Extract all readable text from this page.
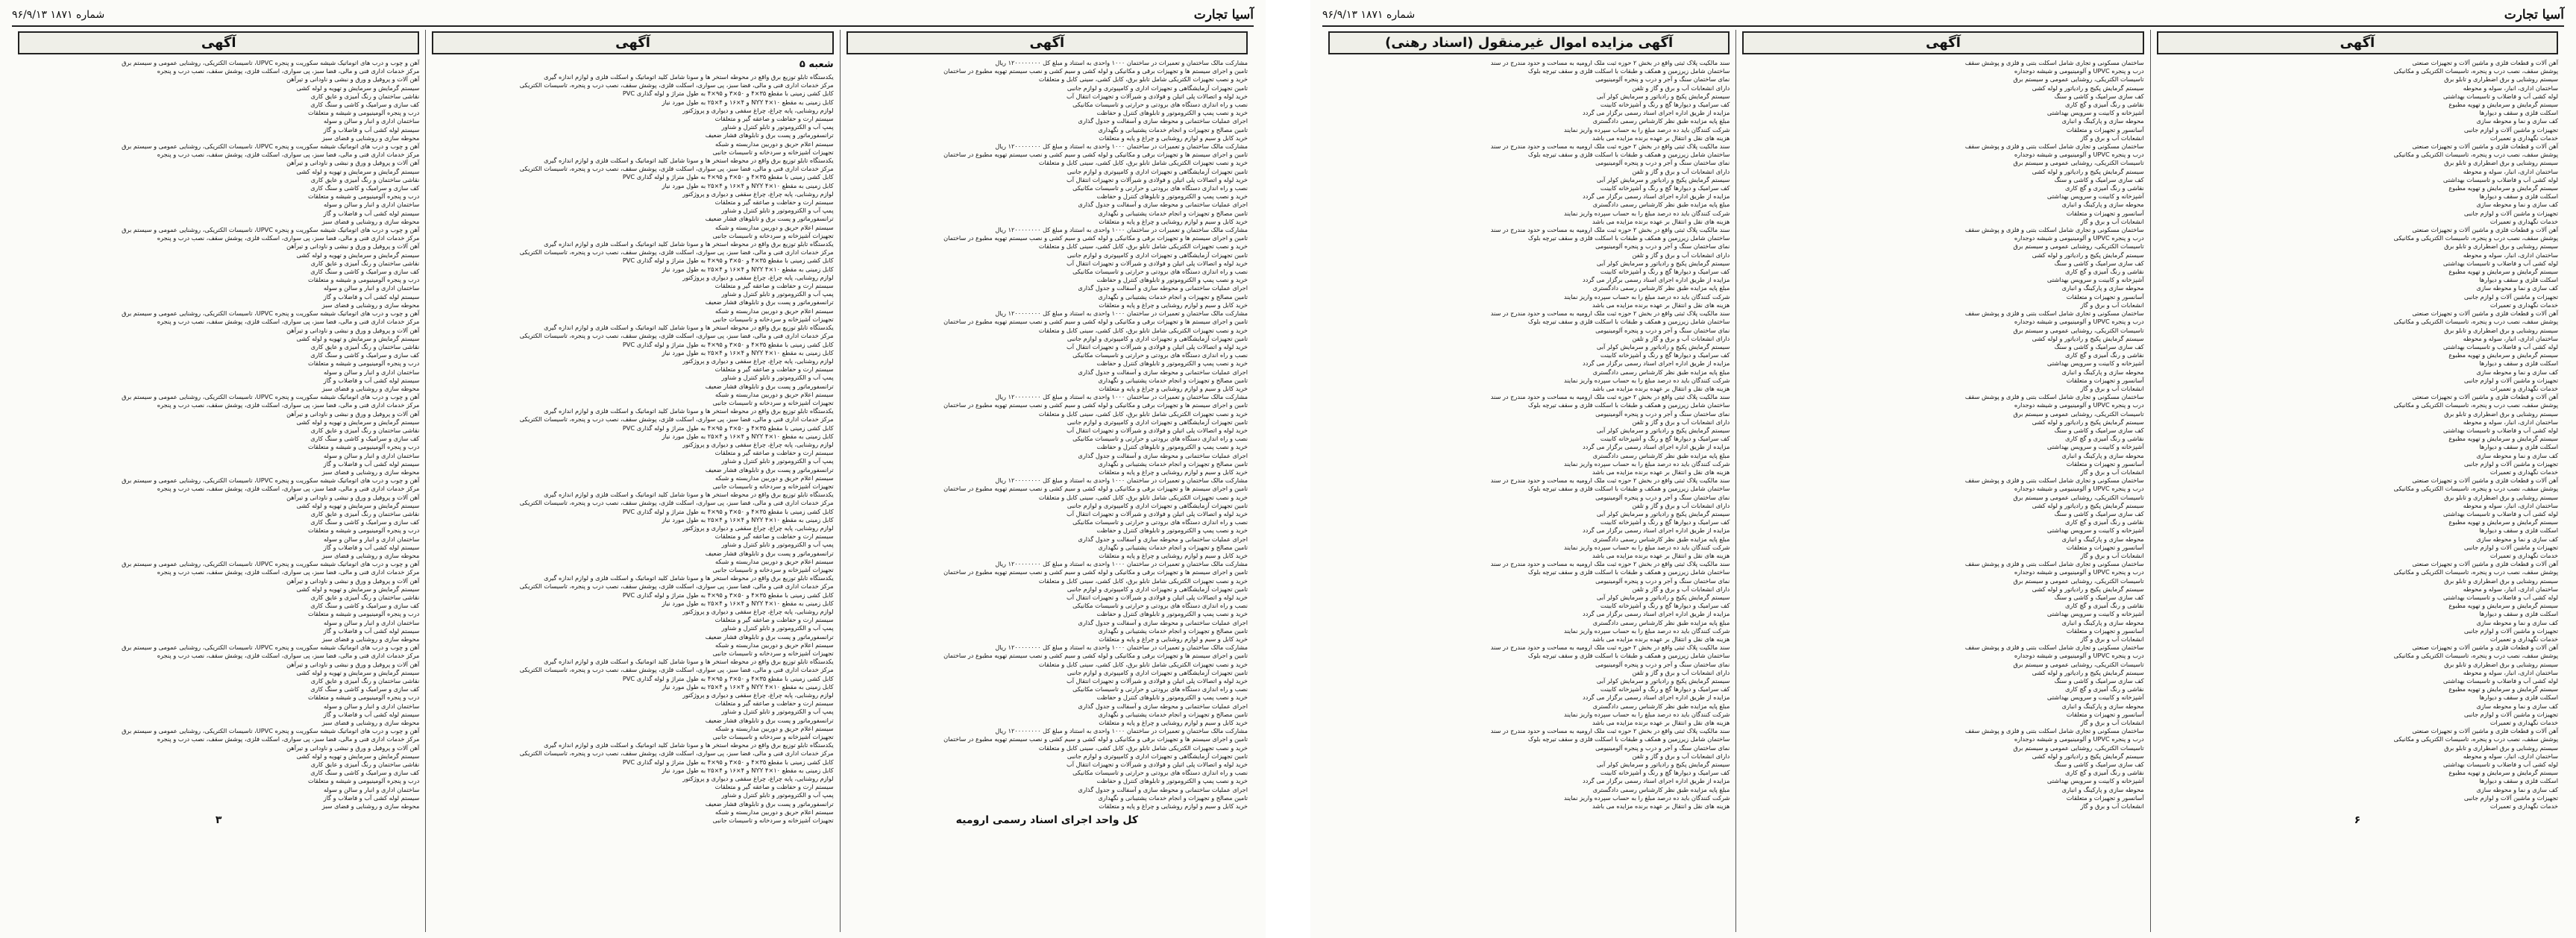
آسیا تجارت
شماره ۱۸۷۱ ۹۶/۹/۱۳
آگهی

مشارکت مالک ساختمان و تعمیرات در ساختمان ۱۰۰۰ واحدی به استناد و مبلغ کل ۱۲۰۰۰۰۰۰۰۰ ریال

تامین و اجرای سیستم ها و تجهیزات برقی و مکانیکی و لوله کشی و سیم کشی و نصب سیستم تهویه مطبوع در ساختمان

خرید و نصب تجهیزات الکتریکی شامل تابلو برق، کابل کشی، سینی کابل و متعلقات

تامین تجهیزات آزمایشگاهی و تجهیزات اداری و کامپیوتری و لوازم جانبی

خرید لوله و اتصالات پلی اتیلن و فولادی و شیرآلات و تجهیزات انتقال آب

نصب و راه اندازی دستگاه های برودتی و حرارتی و تاسیسات مکانیکی

خرید و نصب پمپ و الکتروموتور و تابلوهای کنترل و حفاظت

اجرای عملیات ساختمانی و محوطه سازی و آسفالت و جدول گذاری

تامین مصالح و تجهیزات و انجام خدمات پشتیبانی و نگهداری

خرید کابل و سیم و لوازم روشنایی و چراغ و پایه و متعلقات

مشارکت مالک ساختمان و تعمیرات در ساختمان ۱۰۰۰ واحدی به استناد و مبلغ کل ۱۲۰۰۰۰۰۰۰۰ ریال

تامین و اجرای سیستم ها و تجهیزات برقی و مکانیکی و لوله کشی و سیم کشی و نصب سیستم تهویه مطبوع در ساختمان

خرید و نصب تجهیزات الکتریکی شامل تابلو برق، کابل کشی، سینی کابل و متعلقات

تامین تجهیزات آزمایشگاهی و تجهیزات اداری و کامپیوتری و لوازم جانبی

خرید لوله و اتصالات پلی اتیلن و فولادی و شیرآلات و تجهیزات انتقال آب

نصب و راه اندازی دستگاه های برودتی و حرارتی و تاسیسات مکانیکی

خرید و نصب پمپ و الکتروموتور و تابلوهای کنترل و حفاظت

اجرای عملیات ساختمانی و محوطه سازی و آسفالت و جدول گذاری

تامین مصالح و تجهیزات و انجام خدمات پشتیبانی و نگهداری

خرید کابل و سیم و لوازم روشنایی و چراغ و پایه و متعلقات

مشارکت مالک ساختمان و تعمیرات در ساختمان ۱۰۰۰ واحدی به استناد و مبلغ کل ۱۲۰۰۰۰۰۰۰۰ ریال

تامین و اجرای سیستم ها و تجهیزات برقی و مکانیکی و لوله کشی و سیم کشی و نصب سیستم تهویه مطبوع در ساختمان

خرید و نصب تجهیزات الکتریکی شامل تابلو برق، کابل کشی، سینی کابل و متعلقات

تامین تجهیزات آزمایشگاهی و تجهیزات اداری و کامپیوتری و لوازم جانبی

خرید لوله و اتصالات پلی اتیلن و فولادی و شیرآلات و تجهیزات انتقال آب

نصب و راه اندازی دستگاه های برودتی و حرارتی و تاسیسات مکانیکی

خرید و نصب پمپ و الکتروموتور و تابلوهای کنترل و حفاظت

اجرای عملیات ساختمانی و محوطه سازی و آسفالت و جدول گذاری

تامین مصالح و تجهیزات و انجام خدمات پشتیبانی و نگهداری

خرید کابل و سیم و لوازم روشنایی و چراغ و پایه و متعلقات

مشارکت مالک ساختمان و تعمیرات در ساختمان ۱۰۰۰ واحدی به استناد و مبلغ کل ۱۲۰۰۰۰۰۰۰۰ ریال

تامین و اجرای سیستم ها و تجهیزات برقی و مکانیکی و لوله کشی و سیم کشی و نصب سیستم تهویه مطبوع در ساختمان

خرید و نصب تجهیزات الکتریکی شامل تابلو برق، کابل کشی، سینی کابل و متعلقات

تامین تجهیزات آزمایشگاهی و تجهیزات اداری و کامپیوتری و لوازم جانبی

خرید لوله و اتصالات پلی اتیلن و فولادی و شیرآلات و تجهیزات انتقال آب

نصب و راه اندازی دستگاه های برودتی و حرارتی و تاسیسات مکانیکی

خرید و نصب پمپ و الکتروموتور و تابلوهای کنترل و حفاظت

اجرای عملیات ساختمانی و محوطه سازی و آسفالت و جدول گذاری

تامین مصالح و تجهیزات و انجام خدمات پشتیبانی و نگهداری

خرید کابل و سیم و لوازم روشنایی و چراغ و پایه و متعلقات

مشارکت مالک ساختمان و تعمیرات در ساختمان ۱۰۰۰ واحدی به استناد و مبلغ کل ۱۲۰۰۰۰۰۰۰۰ ریال

تامین و اجرای سیستم ها و تجهیزات برقی و مکانیکی و لوله کشی و سیم کشی و نصب سیستم تهویه مطبوع در ساختمان

خرید و نصب تجهیزات الکتریکی شامل تابلو برق، کابل کشی، سینی کابل و متعلقات

تامین تجهیزات آزمایشگاهی و تجهیزات اداری و کامپیوتری و لوازم جانبی

خرید لوله و اتصالات پلی اتیلن و فولادی و شیرآلات و تجهیزات انتقال آب

نصب و راه اندازی دستگاه های برودتی و حرارتی و تاسیسات مکانیکی

خرید و نصب پمپ و الکتروموتور و تابلوهای کنترل و حفاظت

اجرای عملیات ساختمانی و محوطه سازی و آسفالت و جدول گذاری

تامین مصالح و تجهیزات و انجام خدمات پشتیبانی و نگهداری

خرید کابل و سیم و لوازم روشنایی و چراغ و پایه و متعلقات

مشارکت مالک ساختمان و تعمیرات در ساختمان ۱۰۰۰ واحدی به استناد و مبلغ کل ۱۲۰۰۰۰۰۰۰۰ ریال

تامین و اجرای سیستم ها و تجهیزات برقی و مکانیکی و لوله کشی و سیم کشی و نصب سیستم تهویه مطبوع در ساختمان

خرید و نصب تجهیزات الکتریکی شامل تابلو برق، کابل کشی، سینی کابل و متعلقات

تامین تجهیزات آزمایشگاهی و تجهیزات اداری و کامپیوتری و لوازم جانبی

خرید لوله و اتصالات پلی اتیلن و فولادی و شیرآلات و تجهیزات انتقال آب

نصب و راه اندازی دستگاه های برودتی و حرارتی و تاسیسات مکانیکی

خرید و نصب پمپ و الکتروموتور و تابلوهای کنترل و حفاظت

اجرای عملیات ساختمانی و محوطه سازی و آسفالت و جدول گذاری

تامین مصالح و تجهیزات و انجام خدمات پشتیبانی و نگهداری

خرید کابل و سیم و لوازم روشنایی و چراغ و پایه و متعلقات

مشارکت مالک ساختمان و تعمیرات در ساختمان ۱۰۰۰ واحدی به استناد و مبلغ کل ۱۲۰۰۰۰۰۰۰۰ ریال

تامین و اجرای سیستم ها و تجهیزات برقی و مکانیکی و لوله کشی و سیم کشی و نصب سیستم تهویه مطبوع در ساختمان

خرید و نصب تجهیزات الکتریکی شامل تابلو برق، کابل کشی، سینی کابل و متعلقات

تامین تجهیزات آزمایشگاهی و تجهیزات اداری و کامپیوتری و لوازم جانبی

خرید لوله و اتصالات پلی اتیلن و فولادی و شیرآلات و تجهیزات انتقال آب

نصب و راه اندازی دستگاه های برودتی و حرارتی و تاسیسات مکانیکی

خرید و نصب پمپ و الکتروموتور و تابلوهای کنترل و حفاظت

اجرای عملیات ساختمانی و محوطه سازی و آسفالت و جدول گذاری

تامین مصالح و تجهیزات و انجام خدمات پشتیبانی و نگهداری

خرید کابل و سیم و لوازم روشنایی و چراغ و پایه و متعلقات

مشارکت مالک ساختمان و تعمیرات در ساختمان ۱۰۰۰ واحدی به استناد و مبلغ کل ۱۲۰۰۰۰۰۰۰۰ ریال

تامین و اجرای سیستم ها و تجهیزات برقی و مکانیکی و لوله کشی و سیم کشی و نصب سیستم تهویه مطبوع در ساختمان

خرید و نصب تجهیزات الکتریکی شامل تابلو برق، کابل کشی، سینی کابل و متعلقات

تامین تجهیزات آزمایشگاهی و تجهیزات اداری و کامپیوتری و لوازم جانبی

خرید لوله و اتصالات پلی اتیلن و فولادی و شیرآلات و تجهیزات انتقال آب

نصب و راه اندازی دستگاه های برودتی و حرارتی و تاسیسات مکانیکی

خرید و نصب پمپ و الکتروموتور و تابلوهای کنترل و حفاظت

اجرای عملیات ساختمانی و محوطه سازی و آسفالت و جدول گذاری

تامین مصالح و تجهیزات و انجام خدمات پشتیبانی و نگهداری

خرید کابل و سیم و لوازم روشنایی و چراغ و پایه و متعلقات

مشارکت مالک ساختمان و تعمیرات در ساختمان ۱۰۰۰ واحدی به استناد و مبلغ کل ۱۲۰۰۰۰۰۰۰۰ ریال

تامین و اجرای سیستم ها و تجهیزات برقی و مکانیکی و لوله کشی و سیم کشی و نصب سیستم تهویه مطبوع در ساختمان

خرید و نصب تجهیزات الکتریکی شامل تابلو برق، کابل کشی، سینی کابل و متعلقات

تامین تجهیزات آزمایشگاهی و تجهیزات اداری و کامپیوتری و لوازم جانبی

خرید لوله و اتصالات پلی اتیلن و فولادی و شیرآلات و تجهیزات انتقال آب

نصب و راه اندازی دستگاه های برودتی و حرارتی و تاسیسات مکانیکی

خرید و نصب پمپ و الکتروموتور و تابلوهای کنترل و حفاظت

اجرای عملیات ساختمانی و محوطه سازی و آسفالت و جدول گذاری

تامین مصالح و تجهیزات و انجام خدمات پشتیبانی و نگهداری

خرید کابل و سیم و لوازم روشنایی و چراغ و پایه و متعلقات

کل واحد اجرای اسناد رسمی ارومیه
آگهی
شعبه ۵

یکدستگاه تابلو توزیع برق واقع در محوطه استخر ها و سونا شامل کلید اتوماتیک و اسکلت فلزی و لوازم اندازه گیری

مرکز خدمات اداری فنی و مالی، فضا سبز، پی سواری، اسکلت فلزی، پوشش سقف، نصب درب و پنجره، تاسیسات الکتریکی

کابل کشی زمینی با مقطع ۳۵×۴ و ۵۰×۳ و ۹۵×۴ به طول متراژ و لوله گذاری PVC

کابل زمینی به مقطع NYY ۴×۱۰ و ۴×۱۶ و ۴×۲۵ به طول مورد نیاز

لوازم روشنایی، پایه چراغ، چراغ سقفی و دیواری و پروژکتور

سیستم ارت و حفاظت و صاعقه گیر و متعلقات

پمپ آب و الکتروموتور و تابلو کنترل و شناور

ترانسفورماتور و پست برق و تابلوهای فشار ضعیف

سیستم اعلام حریق و دوربین مداربسته و شبکه

تجهیزات آشپزخانه و سردخانه و تاسیسات جانبی

یکدستگاه تابلو توزیع برق واقع در محوطه استخر ها و سونا شامل کلید اتوماتیک و اسکلت فلزی و لوازم اندازه گیری

مرکز خدمات اداری فنی و مالی، فضا سبز، پی سواری، اسکلت فلزی، پوشش سقف، نصب درب و پنجره، تاسیسات الکتریکی

کابل کشی زمینی با مقطع ۳۵×۴ و ۵۰×۳ و ۹۵×۴ به طول متراژ و لوله گذاری PVC

کابل زمینی به مقطع NYY ۴×۱۰ و ۴×۱۶ و ۴×۲۵ به طول مورد نیاز

لوازم روشنایی، پایه چراغ، چراغ سقفی و دیواری و پروژکتور

سیستم ارت و حفاظت و صاعقه گیر و متعلقات

پمپ آب و الکتروموتور و تابلو کنترل و شناور

ترانسفورماتور و پست برق و تابلوهای فشار ضعیف

سیستم اعلام حریق و دوربین مداربسته و شبکه

تجهیزات آشپزخانه و سردخانه و تاسیسات جانبی

یکدستگاه تابلو توزیع برق واقع در محوطه استخر ها و سونا شامل کلید اتوماتیک و اسکلت فلزی و لوازم اندازه گیری

مرکز خدمات اداری فنی و مالی، فضا سبز، پی سواری، اسکلت فلزی، پوشش سقف، نصب درب و پنجره، تاسیسات الکتریکی

کابل کشی زمینی با مقطع ۳۵×۴ و ۵۰×۳ و ۹۵×۴ به طول متراژ و لوله گذاری PVC

کابل زمینی به مقطع NYY ۴×۱۰ و ۴×۱۶ و ۴×۲۵ به طول مورد نیاز

لوازم روشنایی، پایه چراغ، چراغ سقفی و دیواری و پروژکتور

سیستم ارت و حفاظت و صاعقه گیر و متعلقات

پمپ آب و الکتروموتور و تابلو کنترل و شناور

ترانسفورماتور و پست برق و تابلوهای فشار ضعیف

سیستم اعلام حریق و دوربین مداربسته و شبکه

تجهیزات آشپزخانه و سردخانه و تاسیسات جانبی

یکدستگاه تابلو توزیع برق واقع در محوطه استخر ها و سونا شامل کلید اتوماتیک و اسکلت فلزی و لوازم اندازه گیری

مرکز خدمات اداری فنی و مالی، فضا سبز، پی سواری، اسکلت فلزی، پوشش سقف، نصب درب و پنجره، تاسیسات الکتریکی

کابل کشی زمینی با مقطع ۳۵×۴ و ۵۰×۳ و ۹۵×۴ به طول متراژ و لوله گذاری PVC

کابل زمینی به مقطع NYY ۴×۱۰ و ۴×۱۶ و ۴×۲۵ به طول مورد نیاز

لوازم روشنایی، پایه چراغ، چراغ سقفی و دیواری و پروژکتور

سیستم ارت و حفاظت و صاعقه گیر و متعلقات

پمپ آب و الکتروموتور و تابلو کنترل و شناور

ترانسفورماتور و پست برق و تابلوهای فشار ضعیف

سیستم اعلام حریق و دوربین مداربسته و شبکه

تجهیزات آشپزخانه و سردخانه و تاسیسات جانبی

یکدستگاه تابلو توزیع برق واقع در محوطه استخر ها و سونا شامل کلید اتوماتیک و اسکلت فلزی و لوازم اندازه گیری

مرکز خدمات اداری فنی و مالی، فضا سبز، پی سواری، اسکلت فلزی، پوشش سقف، نصب درب و پنجره، تاسیسات الکتریکی

کابل کشی زمینی با مقطع ۳۵×۴ و ۵۰×۳ و ۹۵×۴ به طول متراژ و لوله گذاری PVC

کابل زمینی به مقطع NYY ۴×۱۰ و ۴×۱۶ و ۴×۲۵ به طول مورد نیاز

لوازم روشنایی، پایه چراغ، چراغ سقفی و دیواری و پروژکتور

سیستم ارت و حفاظت و صاعقه گیر و متعلقات

پمپ آب و الکتروموتور و تابلو کنترل و شناور

ترانسفورماتور و پست برق و تابلوهای فشار ضعیف

سیستم اعلام حریق و دوربین مداربسته و شبکه

تجهیزات آشپزخانه و سردخانه و تاسیسات جانبی

یکدستگاه تابلو توزیع برق واقع در محوطه استخر ها و سونا شامل کلید اتوماتیک و اسکلت فلزی و لوازم اندازه گیری

مرکز خدمات اداری فنی و مالی، فضا سبز، پی سواری، اسکلت فلزی، پوشش سقف، نصب درب و پنجره، تاسیسات الکتریکی

کابل کشی زمینی با مقطع ۳۵×۴ و ۵۰×۳ و ۹۵×۴ به طول متراژ و لوله گذاری PVC

کابل زمینی به مقطع NYY ۴×۱۰ و ۴×۱۶ و ۴×۲۵ به طول مورد نیاز

لوازم روشنایی، پایه چراغ، چراغ سقفی و دیواری و پروژکتور

سیستم ارت و حفاظت و صاعقه گیر و متعلقات

پمپ آب و الکتروموتور و تابلو کنترل و شناور

ترانسفورماتور و پست برق و تابلوهای فشار ضعیف

سیستم اعلام حریق و دوربین مداربسته و شبکه

تجهیزات آشپزخانه و سردخانه و تاسیسات جانبی

یکدستگاه تابلو توزیع برق واقع در محوطه استخر ها و سونا شامل کلید اتوماتیک و اسکلت فلزی و لوازم اندازه گیری

مرکز خدمات اداری فنی و مالی، فضا سبز، پی سواری، اسکلت فلزی، پوشش سقف، نصب درب و پنجره، تاسیسات الکتریکی

کابل کشی زمینی با مقطع ۳۵×۴ و ۵۰×۳ و ۹۵×۴ به طول متراژ و لوله گذاری PVC

کابل زمینی به مقطع NYY ۴×۱۰ و ۴×۱۶ و ۴×۲۵ به طول مورد نیاز

لوازم روشنایی، پایه چراغ، چراغ سقفی و دیواری و پروژکتور

سیستم ارت و حفاظت و صاعقه گیر و متعلقات

پمپ آب و الکتروموتور و تابلو کنترل و شناور

ترانسفورماتور و پست برق و تابلوهای فشار ضعیف

سیستم اعلام حریق و دوربین مداربسته و شبکه

تجهیزات آشپزخانه و سردخانه و تاسیسات جانبی

یکدستگاه تابلو توزیع برق واقع در محوطه استخر ها و سونا شامل کلید اتوماتیک و اسکلت فلزی و لوازم اندازه گیری

مرکز خدمات اداری فنی و مالی، فضا سبز، پی سواری، اسکلت فلزی، پوشش سقف، نصب درب و پنجره، تاسیسات الکتریکی

کابل کشی زمینی با مقطع ۳۵×۴ و ۵۰×۳ و ۹۵×۴ به طول متراژ و لوله گذاری PVC

کابل زمینی به مقطع NYY ۴×۱۰ و ۴×۱۶ و ۴×۲۵ به طول مورد نیاز

لوازم روشنایی، پایه چراغ، چراغ سقفی و دیواری و پروژکتور

سیستم ارت و حفاظت و صاعقه گیر و متعلقات

پمپ آب و الکتروموتور و تابلو کنترل و شناور

ترانسفورماتور و پست برق و تابلوهای فشار ضعیف

سیستم اعلام حریق و دوربین مداربسته و شبکه

تجهیزات آشپزخانه و سردخانه و تاسیسات جانبی

یکدستگاه تابلو توزیع برق واقع در محوطه استخر ها و سونا شامل کلید اتوماتیک و اسکلت فلزی و لوازم اندازه گیری

مرکز خدمات اداری فنی و مالی، فضا سبز، پی سواری، اسکلت فلزی، پوشش سقف، نصب درب و پنجره، تاسیسات الکتریکی

کابل کشی زمینی با مقطع ۳۵×۴ و ۵۰×۳ و ۹۵×۴ به طول متراژ و لوله گذاری PVC

کابل زمینی به مقطع NYY ۴×۱۰ و ۴×۱۶ و ۴×۲۵ به طول مورد نیاز

لوازم روشنایی، پایه چراغ، چراغ سقفی و دیواری و پروژکتور

سیستم ارت و حفاظت و صاعقه گیر و متعلقات

پمپ آب و الکتروموتور و تابلو کنترل و شناور

ترانسفورماتور و پست برق و تابلوهای فشار ضعیف

سیستم اعلام حریق و دوربین مداربسته و شبکه

تجهیزات آشپزخانه و سردخانه و تاسیسات جانبی

آگهی

آهن و چوب و درب های اتوماتیک شیشه سکوریت و پنجره UPVC، تاسیسات الکتریکی، روشنایی عمومی و سیستم برق

مرکز خدمات اداری فنی و مالی، فضا سبز، پی سواری، اسکلت فلزی، پوشش سقف، نصب درب و پنجره

آهن آلات و پروفیل و ورق و نبشی و ناودانی و تیرآهن

سیستم گرمایش و سرمایش و تهویه و لوله کشی

نقاشی ساختمان و رنگ آمیزی و عایق کاری

کف سازی و سرامیک و کاشی و سنگ کاری

درب و پنجره آلومینیومی و شیشه و متعلقات

ساختمان اداری و انبار و سالن و سوله

سیستم لوله کشی آب و فاضلاب و گاز

محوطه سازی و روشنایی و فضای سبز

آهن و چوب و درب های اتوماتیک شیشه سکوریت و پنجره UPVC، تاسیسات الکتریکی، روشنایی عمومی و سیستم برق

مرکز خدمات اداری فنی و مالی، فضا سبز، پی سواری، اسکلت فلزی، پوشش سقف، نصب درب و پنجره

آهن آلات و پروفیل و ورق و نبشی و ناودانی و تیرآهن

سیستم گرمایش و سرمایش و تهویه و لوله کشی

نقاشی ساختمان و رنگ آمیزی و عایق کاری

کف سازی و سرامیک و کاشی و سنگ کاری

درب و پنجره آلومینیومی و شیشه و متعلقات

ساختمان اداری و انبار و سالن و سوله

سیستم لوله کشی آب و فاضلاب و گاز

محوطه سازی و روشنایی و فضای سبز

آهن و چوب و درب های اتوماتیک شیشه سکوریت و پنجره UPVC، تاسیسات الکتریکی، روشنایی عمومی و سیستم برق

مرکز خدمات اداری فنی و مالی، فضا سبز، پی سواری، اسکلت فلزی، پوشش سقف، نصب درب و پنجره

آهن آلات و پروفیل و ورق و نبشی و ناودانی و تیرآهن

سیستم گرمایش و سرمایش و تهویه و لوله کشی

نقاشی ساختمان و رنگ آمیزی و عایق کاری

کف سازی و سرامیک و کاشی و سنگ کاری

درب و پنجره آلومینیومی و شیشه و متعلقات

ساختمان اداری و انبار و سالن و سوله

سیستم لوله کشی آب و فاضلاب و گاز

محوطه سازی و روشنایی و فضای سبز

آهن و چوب و درب های اتوماتیک شیشه سکوریت و پنجره UPVC، تاسیسات الکتریکی، روشنایی عمومی و سیستم برق

مرکز خدمات اداری فنی و مالی، فضا سبز، پی سواری، اسکلت فلزی، پوشش سقف، نصب درب و پنجره

آهن آلات و پروفیل و ورق و نبشی و ناودانی و تیرآهن

سیستم گرمایش و سرمایش و تهویه و لوله کشی

نقاشی ساختمان و رنگ آمیزی و عایق کاری

کف سازی و سرامیک و کاشی و سنگ کاری

درب و پنجره آلومینیومی و شیشه و متعلقات

ساختمان اداری و انبار و سالن و سوله

سیستم لوله کشی آب و فاضلاب و گاز

محوطه سازی و روشنایی و فضای سبز

آهن و چوب و درب های اتوماتیک شیشه سکوریت و پنجره UPVC، تاسیسات الکتریکی، روشنایی عمومی و سیستم برق

مرکز خدمات اداری فنی و مالی، فضا سبز، پی سواری، اسکلت فلزی، پوشش سقف، نصب درب و پنجره

آهن آلات و پروفیل و ورق و نبشی و ناودانی و تیرآهن

سیستم گرمایش و سرمایش و تهویه و لوله کشی

نقاشی ساختمان و رنگ آمیزی و عایق کاری

کف سازی و سرامیک و کاشی و سنگ کاری

درب و پنجره آلومینیومی و شیشه و متعلقات

ساختمان اداری و انبار و سالن و سوله

سیستم لوله کشی آب و فاضلاب و گاز

محوطه سازی و روشنایی و فضای سبز

آهن و چوب و درب های اتوماتیک شیشه سکوریت و پنجره UPVC، تاسیسات الکتریکی، روشنایی عمومی و سیستم برق

مرکز خدمات اداری فنی و مالی، فضا سبز، پی سواری، اسکلت فلزی، پوشش سقف، نصب درب و پنجره

آهن آلات و پروفیل و ورق و نبشی و ناودانی و تیرآهن

سیستم گرمایش و سرمایش و تهویه و لوله کشی

نقاشی ساختمان و رنگ آمیزی و عایق کاری

کف سازی و سرامیک و کاشی و سنگ کاری

درب و پنجره آلومینیومی و شیشه و متعلقات

ساختمان اداری و انبار و سالن و سوله

سیستم لوله کشی آب و فاضلاب و گاز

محوطه سازی و روشنایی و فضای سبز

آهن و چوب و درب های اتوماتیک شیشه سکوریت و پنجره UPVC، تاسیسات الکتریکی، روشنایی عمومی و سیستم برق

مرکز خدمات اداری فنی و مالی، فضا سبز، پی سواری، اسکلت فلزی، پوشش سقف، نصب درب و پنجره

آهن آلات و پروفیل و ورق و نبشی و ناودانی و تیرآهن

سیستم گرمایش و سرمایش و تهویه و لوله کشی

نقاشی ساختمان و رنگ آمیزی و عایق کاری

کف سازی و سرامیک و کاشی و سنگ کاری

درب و پنجره آلومینیومی و شیشه و متعلقات

ساختمان اداری و انبار و سالن و سوله

سیستم لوله کشی آب و فاضلاب و گاز

محوطه سازی و روشنایی و فضای سبز

آهن و چوب و درب های اتوماتیک شیشه سکوریت و پنجره UPVC، تاسیسات الکتریکی، روشنایی عمومی و سیستم برق

مرکز خدمات اداری فنی و مالی، فضا سبز، پی سواری، اسکلت فلزی، پوشش سقف، نصب درب و پنجره

آهن آلات و پروفیل و ورق و نبشی و ناودانی و تیرآهن

سیستم گرمایش و سرمایش و تهویه و لوله کشی

نقاشی ساختمان و رنگ آمیزی و عایق کاری

کف سازی و سرامیک و کاشی و سنگ کاری

درب و پنجره آلومینیومی و شیشه و متعلقات

ساختمان اداری و انبار و سالن و سوله

سیستم لوله کشی آب و فاضلاب و گاز

محوطه سازی و روشنایی و فضای سبز

آهن و چوب و درب های اتوماتیک شیشه سکوریت و پنجره UPVC، تاسیسات الکتریکی، روشنایی عمومی و سیستم برق

مرکز خدمات اداری فنی و مالی، فضا سبز، پی سواری، اسکلت فلزی، پوشش سقف، نصب درب و پنجره

آهن آلات و پروفیل و ورق و نبشی و ناودانی و تیرآهن

سیستم گرمایش و سرمایش و تهویه و لوله کشی

نقاشی ساختمان و رنگ آمیزی و عایق کاری

کف سازی و سرامیک و کاشی و سنگ کاری

درب و پنجره آلومینیومی و شیشه و متعلقات

ساختمان اداری و انبار و سالن و سوله

سیستم لوله کشی آب و فاضلاب و گاز

محوطه سازی و روشنایی و فضای سبز

۳
آسیا تجارت
شماره ۱۸۷۱ ۹۶/۹/۱۳
آگهی

آهن آلات و قطعات فلزی و ماشین آلات و تجهیزات صنعتی

پوشش سقف، نصب درب و پنجره، تاسیسات الکتریکی و مکانیکی

سیستم روشنایی و برق اضطراری و تابلو برق

ساختمان اداری، انبار، سوله و محوطه

لوله کشی آب و فاضلاب و تاسیسات بهداشتی

سیستم گرمایش و سرمایش و تهویه مطبوع

اسکلت فلزی و سقف و دیوارها

کف سازی و نما و محوطه سازی

تجهیزات و ماشین آلات و لوازم جانبی

خدمات نگهداری و تعمیرات

آهن آلات و قطعات فلزی و ماشین آلات و تجهیزات صنعتی

پوشش سقف، نصب درب و پنجره، تاسیسات الکتریکی و مکانیکی

سیستم روشنایی و برق اضطراری و تابلو برق

ساختمان اداری، انبار، سوله و محوطه

لوله کشی آب و فاضلاب و تاسیسات بهداشتی

سیستم گرمایش و سرمایش و تهویه مطبوع

اسکلت فلزی و سقف و دیوارها

کف سازی و نما و محوطه سازی

تجهیزات و ماشین آلات و لوازم جانبی

خدمات نگهداری و تعمیرات

آهن آلات و قطعات فلزی و ماشین آلات و تجهیزات صنعتی

پوشش سقف، نصب درب و پنجره، تاسیسات الکتریکی و مکانیکی

سیستم روشنایی و برق اضطراری و تابلو برق

ساختمان اداری، انبار، سوله و محوطه

لوله کشی آب و فاضلاب و تاسیسات بهداشتی

سیستم گرمایش و سرمایش و تهویه مطبوع

اسکلت فلزی و سقف و دیوارها

کف سازی و نما و محوطه سازی

تجهیزات و ماشین آلات و لوازم جانبی

خدمات نگهداری و تعمیرات

آهن آلات و قطعات فلزی و ماشین آلات و تجهیزات صنعتی

پوشش سقف، نصب درب و پنجره، تاسیسات الکتریکی و مکانیکی

سیستم روشنایی و برق اضطراری و تابلو برق

ساختمان اداری، انبار، سوله و محوطه

لوله کشی آب و فاضلاب و تاسیسات بهداشتی

سیستم گرمایش و سرمایش و تهویه مطبوع

اسکلت فلزی و سقف و دیوارها

کف سازی و نما و محوطه سازی

تجهیزات و ماشین آلات و لوازم جانبی

خدمات نگهداری و تعمیرات

آهن آلات و قطعات فلزی و ماشین آلات و تجهیزات صنعتی

پوشش سقف، نصب درب و پنجره، تاسیسات الکتریکی و مکانیکی

سیستم روشنایی و برق اضطراری و تابلو برق

ساختمان اداری، انبار، سوله و محوطه

لوله کشی آب و فاضلاب و تاسیسات بهداشتی

سیستم گرمایش و سرمایش و تهویه مطبوع

اسکلت فلزی و سقف و دیوارها

کف سازی و نما و محوطه سازی

تجهیزات و ماشین آلات و لوازم جانبی

خدمات نگهداری و تعمیرات

آهن آلات و قطعات فلزی و ماشین آلات و تجهیزات صنعتی

پوشش سقف، نصب درب و پنجره، تاسیسات الکتریکی و مکانیکی

سیستم روشنایی و برق اضطراری و تابلو برق

ساختمان اداری، انبار، سوله و محوطه

لوله کشی آب و فاضلاب و تاسیسات بهداشتی

سیستم گرمایش و سرمایش و تهویه مطبوع

اسکلت فلزی و سقف و دیوارها

کف سازی و نما و محوطه سازی

تجهیزات و ماشین آلات و لوازم جانبی

خدمات نگهداری و تعمیرات

آهن آلات و قطعات فلزی و ماشین آلات و تجهیزات صنعتی

پوشش سقف، نصب درب و پنجره، تاسیسات الکتریکی و مکانیکی

سیستم روشنایی و برق اضطراری و تابلو برق

ساختمان اداری، انبار، سوله و محوطه

لوله کشی آب و فاضلاب و تاسیسات بهداشتی

سیستم گرمایش و سرمایش و تهویه مطبوع

اسکلت فلزی و سقف و دیوارها

کف سازی و نما و محوطه سازی

تجهیزات و ماشین آلات و لوازم جانبی

خدمات نگهداری و تعمیرات

آهن آلات و قطعات فلزی و ماشین آلات و تجهیزات صنعتی

پوشش سقف، نصب درب و پنجره، تاسیسات الکتریکی و مکانیکی

سیستم روشنایی و برق اضطراری و تابلو برق

ساختمان اداری، انبار، سوله و محوطه

لوله کشی آب و فاضلاب و تاسیسات بهداشتی

سیستم گرمایش و سرمایش و تهویه مطبوع

اسکلت فلزی و سقف و دیوارها

کف سازی و نما و محوطه سازی

تجهیزات و ماشین آلات و لوازم جانبی

خدمات نگهداری و تعمیرات

آهن آلات و قطعات فلزی و ماشین آلات و تجهیزات صنعتی

پوشش سقف، نصب درب و پنجره، تاسیسات الکتریکی و مکانیکی

سیستم روشنایی و برق اضطراری و تابلو برق

ساختمان اداری، انبار، سوله و محوطه

لوله کشی آب و فاضلاب و تاسیسات بهداشتی

سیستم گرمایش و سرمایش و تهویه مطبوع

اسکلت فلزی و سقف و دیوارها

کف سازی و نما و محوطه سازی

تجهیزات و ماشین آلات و لوازم جانبی

خدمات نگهداری و تعمیرات

۶
آگهی

ساختمان مسکونی و تجاری شامل اسکلت بتنی و فلزی و پوشش سقف

درب و پنجره UPVC و آلومینیومی و شیشه دوجداره

تاسیسات الکتریکی، روشنایی عمومی و سیستم برق

سیستم گرمایش پکیج و رادیاتور و لوله کشی

کف سازی سرامیک و کاشی و سنگ

نقاشی و رنگ آمیزی و گچ کاری

آشپزخانه و کابینت و سرویس بهداشتی

محوطه سازی و پارکینگ و انباری

آسانسور و تجهیزات و متعلقات

انشعابات آب و برق و گاز

ساختمان مسکونی و تجاری شامل اسکلت بتنی و فلزی و پوشش سقف

درب و پنجره UPVC و آلومینیومی و شیشه دوجداره

تاسیسات الکتریکی، روشنایی عمومی و سیستم برق

سیستم گرمایش پکیج و رادیاتور و لوله کشی

کف سازی سرامیک و کاشی و سنگ

نقاشی و رنگ آمیزی و گچ کاری

آشپزخانه و کابینت و سرویس بهداشتی

محوطه سازی و پارکینگ و انباری

آسانسور و تجهیزات و متعلقات

انشعابات آب و برق و گاز

ساختمان مسکونی و تجاری شامل اسکلت بتنی و فلزی و پوشش سقف

درب و پنجره UPVC و آلومینیومی و شیشه دوجداره

تاسیسات الکتریکی، روشنایی عمومی و سیستم برق

سیستم گرمایش پکیج و رادیاتور و لوله کشی

کف سازی سرامیک و کاشی و سنگ

نقاشی و رنگ آمیزی و گچ کاری

آشپزخانه و کابینت و سرویس بهداشتی

محوطه سازی و پارکینگ و انباری

آسانسور و تجهیزات و متعلقات

انشعابات آب و برق و گاز

ساختمان مسکونی و تجاری شامل اسکلت بتنی و فلزی و پوشش سقف

درب و پنجره UPVC و آلومینیومی و شیشه دوجداره

تاسیسات الکتریکی، روشنایی عمومی و سیستم برق

سیستم گرمایش پکیج و رادیاتور و لوله کشی

کف سازی سرامیک و کاشی و سنگ

نقاشی و رنگ آمیزی و گچ کاری

آشپزخانه و کابینت و سرویس بهداشتی

محوطه سازی و پارکینگ و انباری

آسانسور و تجهیزات و متعلقات

انشعابات آب و برق و گاز

ساختمان مسکونی و تجاری شامل اسکلت بتنی و فلزی و پوشش سقف

درب و پنجره UPVC و آلومینیومی و شیشه دوجداره

تاسیسات الکتریکی، روشنایی عمومی و سیستم برق

سیستم گرمایش پکیج و رادیاتور و لوله کشی

کف سازی سرامیک و کاشی و سنگ

نقاشی و رنگ آمیزی و گچ کاری

آشپزخانه و کابینت و سرویس بهداشتی

محوطه سازی و پارکینگ و انباری

آسانسور و تجهیزات و متعلقات

انشعابات آب و برق و گاز

ساختمان مسکونی و تجاری شامل اسکلت بتنی و فلزی و پوشش سقف

درب و پنجره UPVC و آلومینیومی و شیشه دوجداره

تاسیسات الکتریکی، روشنایی عمومی و سیستم برق

سیستم گرمایش پکیج و رادیاتور و لوله کشی

کف سازی سرامیک و کاشی و سنگ

نقاشی و رنگ آمیزی و گچ کاری

آشپزخانه و کابینت و سرویس بهداشتی

محوطه سازی و پارکینگ و انباری

آسانسور و تجهیزات و متعلقات

انشعابات آب و برق و گاز

ساختمان مسکونی و تجاری شامل اسکلت بتنی و فلزی و پوشش سقف

درب و پنجره UPVC و آلومینیومی و شیشه دوجداره

تاسیسات الکتریکی، روشنایی عمومی و سیستم برق

سیستم گرمایش پکیج و رادیاتور و لوله کشی

کف سازی سرامیک و کاشی و سنگ

نقاشی و رنگ آمیزی و گچ کاری

آشپزخانه و کابینت و سرویس بهداشتی

محوطه سازی و پارکینگ و انباری

آسانسور و تجهیزات و متعلقات

انشعابات آب و برق و گاز

ساختمان مسکونی و تجاری شامل اسکلت بتنی و فلزی و پوشش سقف

درب و پنجره UPVC و آلومینیومی و شیشه دوجداره

تاسیسات الکتریکی، روشنایی عمومی و سیستم برق

سیستم گرمایش پکیج و رادیاتور و لوله کشی

کف سازی سرامیک و کاشی و سنگ

نقاشی و رنگ آمیزی و گچ کاری

آشپزخانه و کابینت و سرویس بهداشتی

محوطه سازی و پارکینگ و انباری

آسانسور و تجهیزات و متعلقات

انشعابات آب و برق و گاز

ساختمان مسکونی و تجاری شامل اسکلت بتنی و فلزی و پوشش سقف

درب و پنجره UPVC و آلومینیومی و شیشه دوجداره

تاسیسات الکتریکی، روشنایی عمومی و سیستم برق

سیستم گرمایش پکیج و رادیاتور و لوله کشی

کف سازی سرامیک و کاشی و سنگ

نقاشی و رنگ آمیزی و گچ کاری

آشپزخانه و کابینت و سرویس بهداشتی

محوطه سازی و پارکینگ و انباری

آسانسور و تجهیزات و متعلقات

انشعابات آب و برق و گاز

آگهی مزایده اموال غیرمنقول (اسناد رهنی)

سند مالکیت پلاک ثبتی واقع در بخش ۲ حوزه ثبت ملک ارومیه به مساحت و حدود مندرج در سند

ساختمان شامل زیرزمین و همکف و طبقات با اسکلت فلزی و سقف تیرچه بلوک

نمای ساختمان سنگ و آجر و درب و پنجره آلومینیومی

دارای انشعابات آب و برق و گاز و تلفن

سیستم گرمایش پکیج و رادیاتور و سرمایش کولر آبی

کف سرامیک و دیوارها گچ و رنگ و آشپزخانه کابینت

مزایده از طریق اداره اجرای اسناد رسمی برگزار می گردد

مبلغ پایه مزایده طبق نظر کارشناس رسمی دادگستری

شرکت کنندگان باید ده درصد مبلغ را به حساب سپرده واریز نمایند

هزینه های نقل و انتقال بر عهده برنده مزایده می باشد

سند مالکیت پلاک ثبتی واقع در بخش ۲ حوزه ثبت ملک ارومیه به مساحت و حدود مندرج در سند

ساختمان شامل زیرزمین و همکف و طبقات با اسکلت فلزی و سقف تیرچه بلوک

نمای ساختمان سنگ و آجر و درب و پنجره آلومینیومی

دارای انشعابات آب و برق و گاز و تلفن

سیستم گرمایش پکیج و رادیاتور و سرمایش کولر آبی

کف سرامیک و دیوارها گچ و رنگ و آشپزخانه کابینت

مزایده از طریق اداره اجرای اسناد رسمی برگزار می گردد

مبلغ پایه مزایده طبق نظر کارشناس رسمی دادگستری

شرکت کنندگان باید ده درصد مبلغ را به حساب سپرده واریز نمایند

هزینه های نقل و انتقال بر عهده برنده مزایده می باشد

سند مالکیت پلاک ثبتی واقع در بخش ۲ حوزه ثبت ملک ارومیه به مساحت و حدود مندرج در سند

ساختمان شامل زیرزمین و همکف و طبقات با اسکلت فلزی و سقف تیرچه بلوک

نمای ساختمان سنگ و آجر و درب و پنجره آلومینیومی

دارای انشعابات آب و برق و گاز و تلفن

سیستم گرمایش پکیج و رادیاتور و سرمایش کولر آبی

کف سرامیک و دیوارها گچ و رنگ و آشپزخانه کابینت

مزایده از طریق اداره اجرای اسناد رسمی برگزار می گردد

مبلغ پایه مزایده طبق نظر کارشناس رسمی دادگستری

شرکت کنندگان باید ده درصد مبلغ را به حساب سپرده واریز نمایند

هزینه های نقل و انتقال بر عهده برنده مزایده می باشد

سند مالکیت پلاک ثبتی واقع در بخش ۲ حوزه ثبت ملک ارومیه به مساحت و حدود مندرج در سند

ساختمان شامل زیرزمین و همکف و طبقات با اسکلت فلزی و سقف تیرچه بلوک

نمای ساختمان سنگ و آجر و درب و پنجره آلومینیومی

دارای انشعابات آب و برق و گاز و تلفن

سیستم گرمایش پکیج و رادیاتور و سرمایش کولر آبی

کف سرامیک و دیوارها گچ و رنگ و آشپزخانه کابینت

مزایده از طریق اداره اجرای اسناد رسمی برگزار می گردد

مبلغ پایه مزایده طبق نظر کارشناس رسمی دادگستری

شرکت کنندگان باید ده درصد مبلغ را به حساب سپرده واریز نمایند

هزینه های نقل و انتقال بر عهده برنده مزایده می باشد

سند مالکیت پلاک ثبتی واقع در بخش ۲ حوزه ثبت ملک ارومیه به مساحت و حدود مندرج در سند

ساختمان شامل زیرزمین و همکف و طبقات با اسکلت فلزی و سقف تیرچه بلوک

نمای ساختمان سنگ و آجر و درب و پنجره آلومینیومی

دارای انشعابات آب و برق و گاز و تلفن

سیستم گرمایش پکیج و رادیاتور و سرمایش کولر آبی

کف سرامیک و دیوارها گچ و رنگ و آشپزخانه کابینت

مزایده از طریق اداره اجرای اسناد رسمی برگزار می گردد

مبلغ پایه مزایده طبق نظر کارشناس رسمی دادگستری

شرکت کنندگان باید ده درصد مبلغ را به حساب سپرده واریز نمایند

هزینه های نقل و انتقال بر عهده برنده مزایده می باشد

سند مالکیت پلاک ثبتی واقع در بخش ۲ حوزه ثبت ملک ارومیه به مساحت و حدود مندرج در سند

ساختمان شامل زیرزمین و همکف و طبقات با اسکلت فلزی و سقف تیرچه بلوک

نمای ساختمان سنگ و آجر و درب و پنجره آلومینیومی

دارای انشعابات آب و برق و گاز و تلفن

سیستم گرمایش پکیج و رادیاتور و سرمایش کولر آبی

کف سرامیک و دیوارها گچ و رنگ و آشپزخانه کابینت

مزایده از طریق اداره اجرای اسناد رسمی برگزار می گردد

مبلغ پایه مزایده طبق نظر کارشناس رسمی دادگستری

شرکت کنندگان باید ده درصد مبلغ را به حساب سپرده واریز نمایند

هزینه های نقل و انتقال بر عهده برنده مزایده می باشد

سند مالکیت پلاک ثبتی واقع در بخش ۲ حوزه ثبت ملک ارومیه به مساحت و حدود مندرج در سند

ساختمان شامل زیرزمین و همکف و طبقات با اسکلت فلزی و سقف تیرچه بلوک

نمای ساختمان سنگ و آجر و درب و پنجره آلومینیومی

دارای انشعابات آب و برق و گاز و تلفن

سیستم گرمایش پکیج و رادیاتور و سرمایش کولر آبی

کف سرامیک و دیوارها گچ و رنگ و آشپزخانه کابینت

مزایده از طریق اداره اجرای اسناد رسمی برگزار می گردد

مبلغ پایه مزایده طبق نظر کارشناس رسمی دادگستری

شرکت کنندگان باید ده درصد مبلغ را به حساب سپرده واریز نمایند

هزینه های نقل و انتقال بر عهده برنده مزایده می باشد

سند مالکیت پلاک ثبتی واقع در بخش ۲ حوزه ثبت ملک ارومیه به مساحت و حدود مندرج در سند

ساختمان شامل زیرزمین و همکف و طبقات با اسکلت فلزی و سقف تیرچه بلوک

نمای ساختمان سنگ و آجر و درب و پنجره آلومینیومی

دارای انشعابات آب و برق و گاز و تلفن

سیستم گرمایش پکیج و رادیاتور و سرمایش کولر آبی

کف سرامیک و دیوارها گچ و رنگ و آشپزخانه کابینت

مزایده از طریق اداره اجرای اسناد رسمی برگزار می گردد

مبلغ پایه مزایده طبق نظر کارشناس رسمی دادگستری

شرکت کنندگان باید ده درصد مبلغ را به حساب سپرده واریز نمایند

هزینه های نقل و انتقال بر عهده برنده مزایده می باشد

سند مالکیت پلاک ثبتی واقع در بخش ۲ حوزه ثبت ملک ارومیه به مساحت و حدود مندرج در سند

ساختمان شامل زیرزمین و همکف و طبقات با اسکلت فلزی و سقف تیرچه بلوک

نمای ساختمان سنگ و آجر و درب و پنجره آلومینیومی

دارای انشعابات آب و برق و گاز و تلفن

سیستم گرمایش پکیج و رادیاتور و سرمایش کولر آبی

کف سرامیک و دیوارها گچ و رنگ و آشپزخانه کابینت

مزایده از طریق اداره اجرای اسناد رسمی برگزار می گردد

مبلغ پایه مزایده طبق نظر کارشناس رسمی دادگستری

شرکت کنندگان باید ده درصد مبلغ را به حساب سپرده واریز نمایند

هزینه های نقل و انتقال بر عهده برنده مزایده می باشد
